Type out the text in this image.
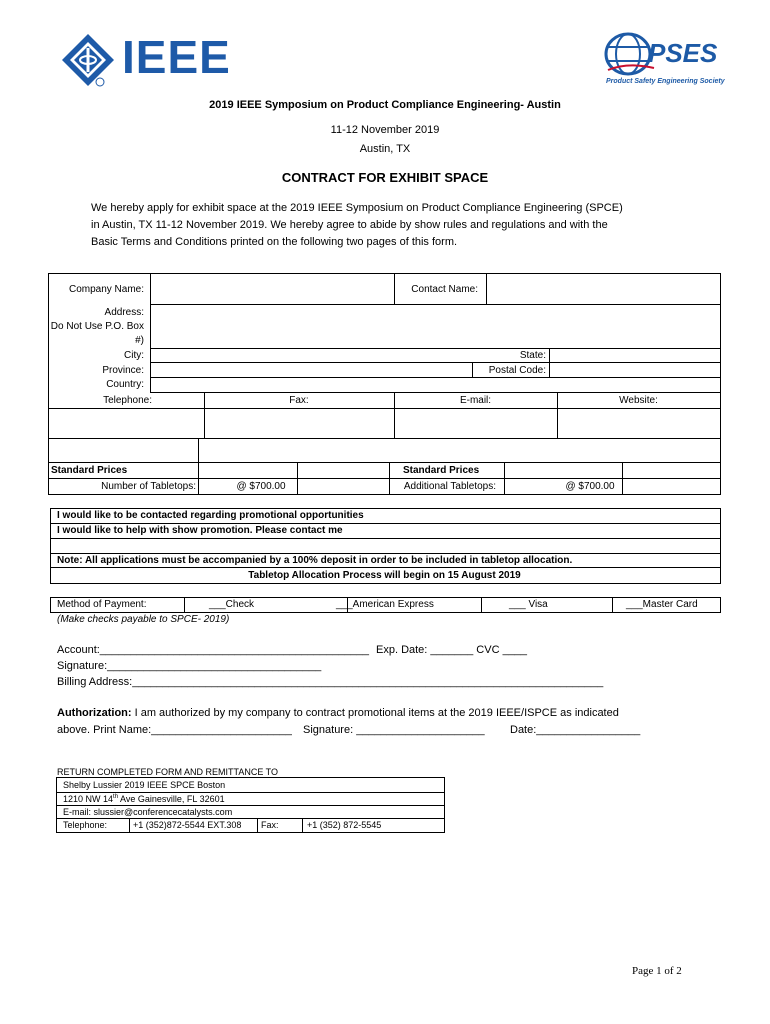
IEEE	PSES
Product Safety Engineering Society
2019 IEEE Symposium on Product Compliance Engineering- Austin
11-12 November 2019
Austin, TX
CONTRACT FOR EXHIBIT SPACE
We hereby apply for exhibit space at the 2019 IEEE Symposium on Product Compliance Engineering (SPCE)
in Austin, TX 11-12 November 2019. We hereby agree to abide by show rules and regulations and with the
Basic Terms and Conditions printed on the following two pages of this form.
Company Name:	Contact Name:
Address:
Do Not Use P.O. Box
#)
City:	State:
Province:	Postal Code:
Country:
Telephone:	Fax:	E-mail:	Website:
Standard Prices
Number of Tabletops:	@ $700.00
Standard Prices
Additional Tabletops:	@ $700.00
I would like to be contacted regarding promotional opportunities
I would like to help with show promotion. Please contact me
Note: All applications must be accompanied by a 100% deposit in order to be included in tabletop allocation.
Tabletop Allocation Process will begin on 15 August 2019
Method of Payment:	___Check	___American Express	___ Visa	___Master Card
(Make checks payable to SPCE- 2019)
Account:____________________________________________ Exp. Date: _______ CVC ____
Signature:___________________________________
Billing Address:_____________________________________________________________________________
Authorization: I am authorized by my company to contract promotional items at the 2019 IEEE/ISPCE as indicated
above. Print Name:_______________________ Signature: _____________________ Date:_________________
RETURN COMPLETED FORM AND REMITTANCE TO
Shelby Lussier 2019 IEEE SPCE Boston
1210 NW 14th Ave Gainesville, FL 32601
E-mail: slussier@conferencecatalysts.com
Telephone:	+1 (352)872-5544 EXT.308 Fax:	+1 (352) 872-5545
Page 1 of 2
